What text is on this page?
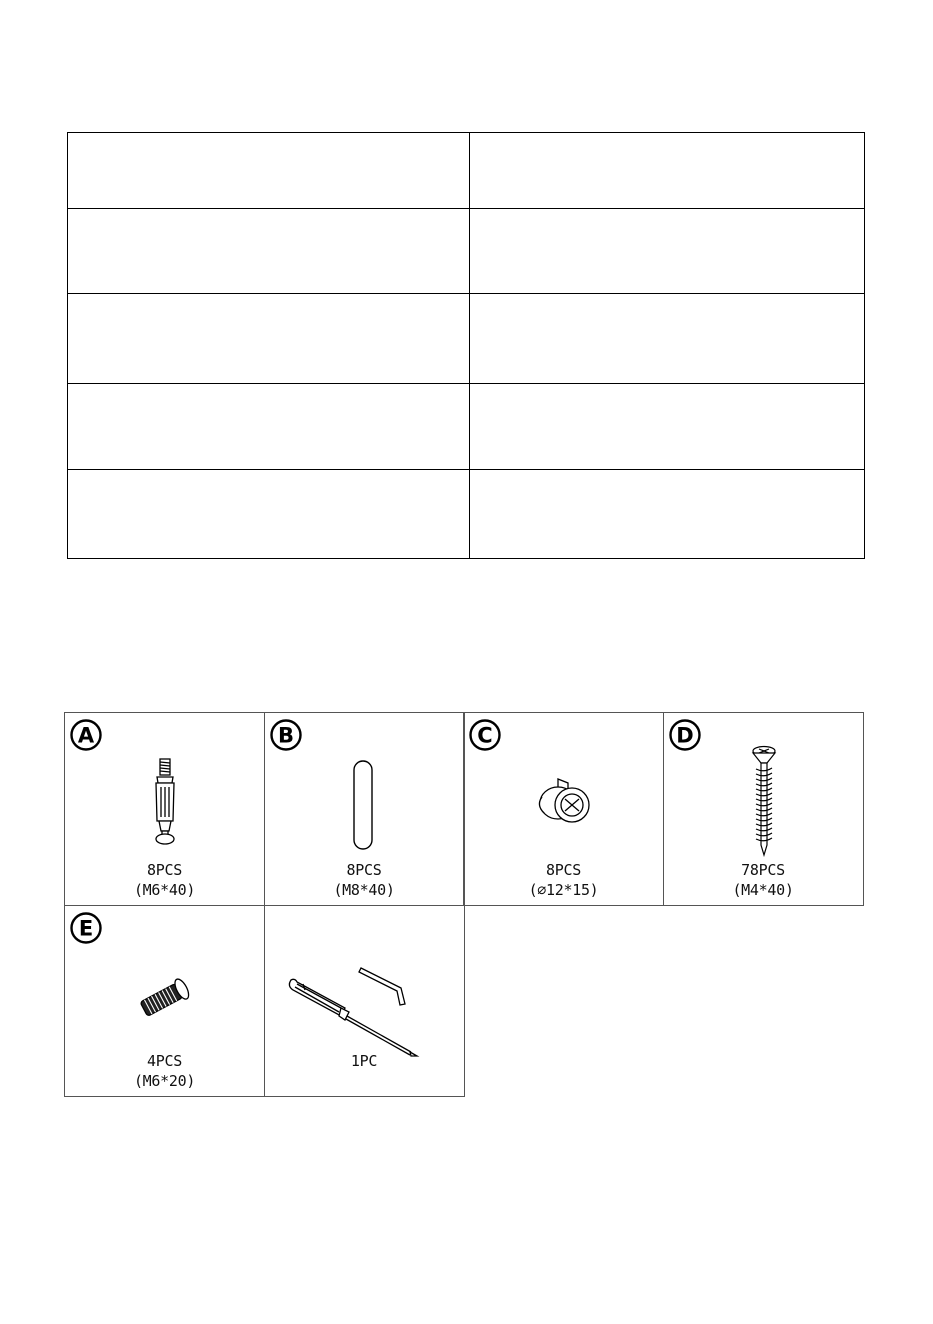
A
8PCS
(M6*40)
B
8PCS
(M8*40)
C
8PCS
(⌀12*15)
D
78PCS
(M4*40)
E
4PCS
(M6*20)
1PC
